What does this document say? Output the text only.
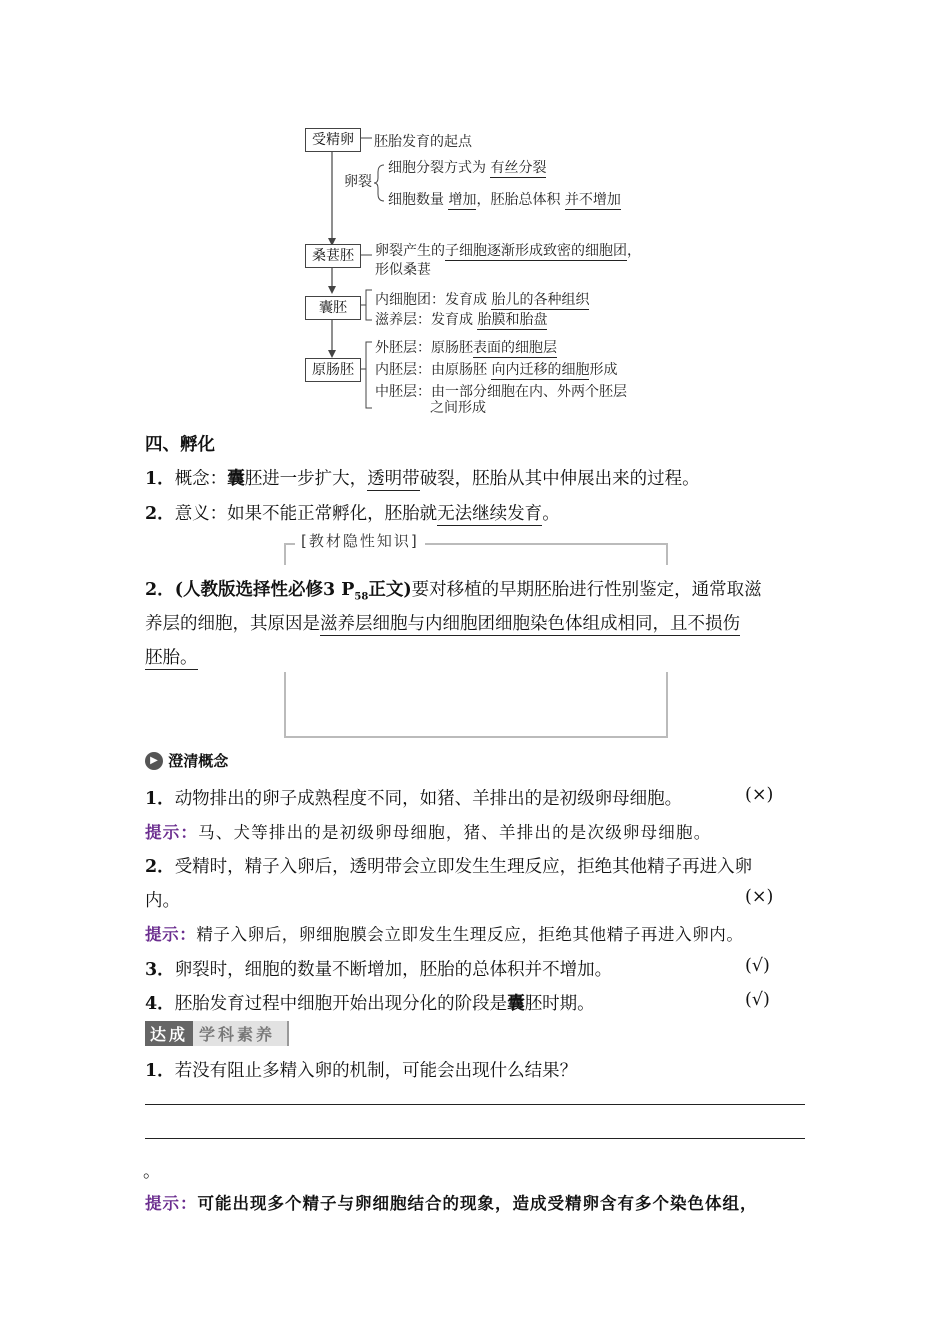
受精卵	胚胎发育的起点
卵裂
细胞分裂方式为 有丝分裂
细胞数量 增加，胚胎总体积 并不增加
桑葚胚	卵裂产生的子细胞逐渐形成致密的细胞团，
形似桑葚
囊胚	内细胞团：发育成 胎儿的各种组织
滋养层：发育成 胎膜和胎盘
原肠胚
外胚层：原肠胚表面的细胞层
内胚层：由原肠胚 向内迁移的细胞形成
中胚层：由一部分细胞在内、外两个胚层
之间形成
四、孵化
1．概念：囊胚进一步扩大，透明带破裂，胚胎从其中伸展出来的过程。
2．意义：如果不能正常孵化，胚胎就无法继续发育。
[教材隐性知识]
2．(人教版选择性必修3 $P_{58}$正文)要对移植的早期胚胎进行性别鉴定，通常取滋
养层的细胞，其原因是滋养层细胞与内细胞团细胞染色体组成相同，且不损伤
胚胎。
▶ 澄清概念
1．动物排出的卵子成熟程度不同，如猪、羊排出的是初级卵母细胞。	(×)
提示：马、犬等排出的是初级卵母细胞，猪、羊排出的是次级卵母细胞。
2．受精时，精子入卵后，透明带会立即发生生理反应，拒绝其他精子再进入卵
内。	(×)
提示：精子入卵后，卵细胞膜会立即发生生理反应，拒绝其他精子再进入卵内。
3．卵裂时，细胞的数量不断增加，胚胎的总体积并不增加。	(√)
4．胚胎发育过程中细胞开始出现分化的阶段是囊胚时期。	(√)
达成 学科素养
1．若没有阻止多精入卵的机制，可能会出现什么结果？
。
提示：可能出现多个精子与卵细胞结合的现象，造成受精卵含有多个染色体组，
